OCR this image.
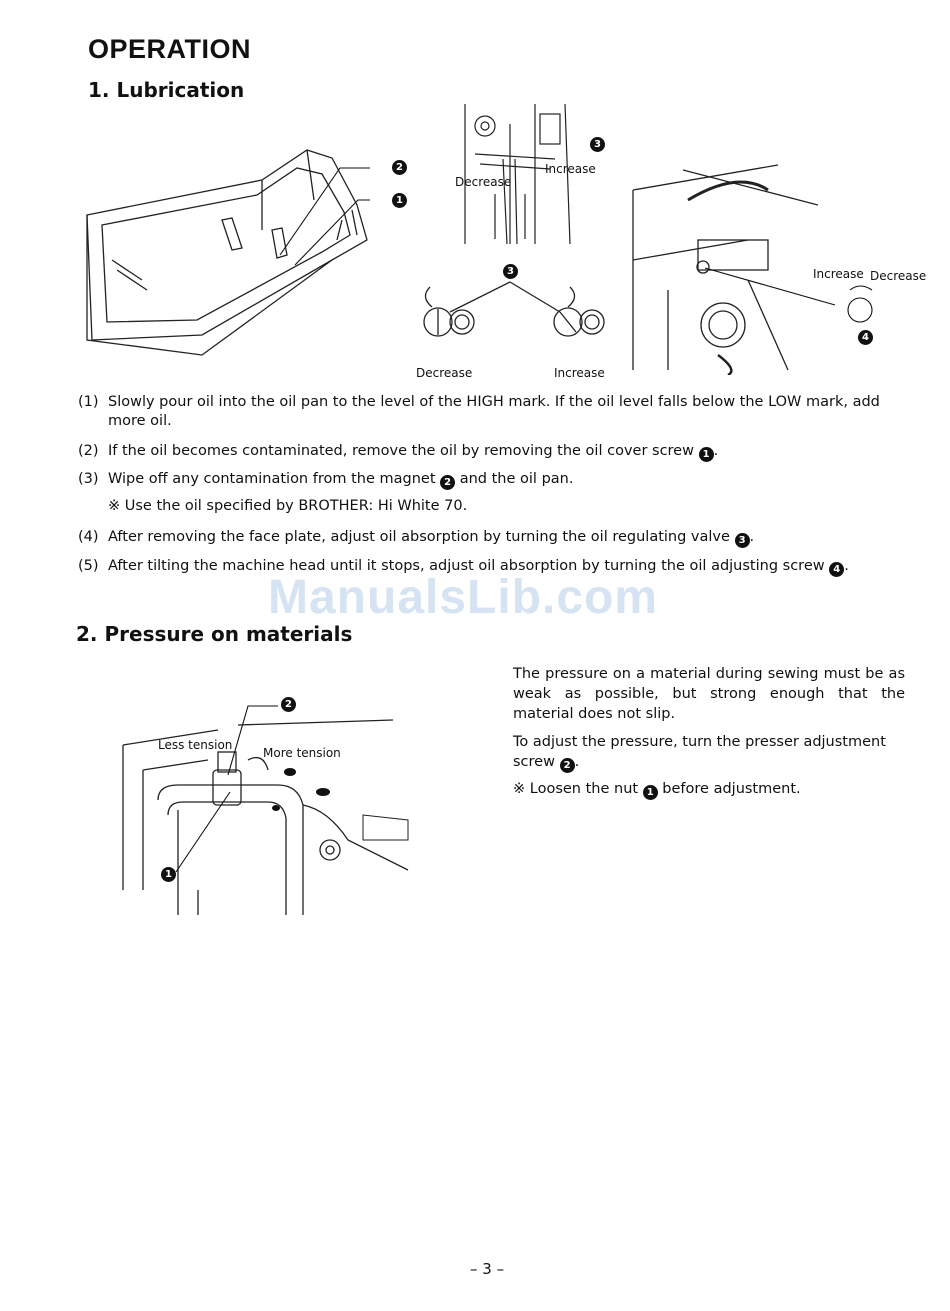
OPERATION
1. Lubrication
2
1
3
Decrease
Increase
3
Decrease	Increase
Increase Decrease
4
(1) Slowly pour oil into the oil pan to the level of the HIGH mark. If the oil level falls below the LOW mark, add more oil.
(2) If the oil becomes contaminated, remove the oil by removing the oil cover screw 1 .
(3) Wipe off any contamination from the magnet 2 and the oil pan.
※ Use the oil specified by BROTHER: Hi White 70.
(4) After removing the face plate, adjust oil absorption by turning the oil regulating valve 3 .
(5) After tilting the machine head until it stops, adjust oil absorption by turning the oil adjusting screw 4 .
ManualsLib.com
2. Pressure on materials
2
1
Less tension
More tension

The pressure on a material during sewing must be as weak as possible, but strong enough that the material does not slip.

To adjust the pressure, turn the presser adjustment screw 2 .

※ Loosen the nut 1 before adjustment.

– 3 –
